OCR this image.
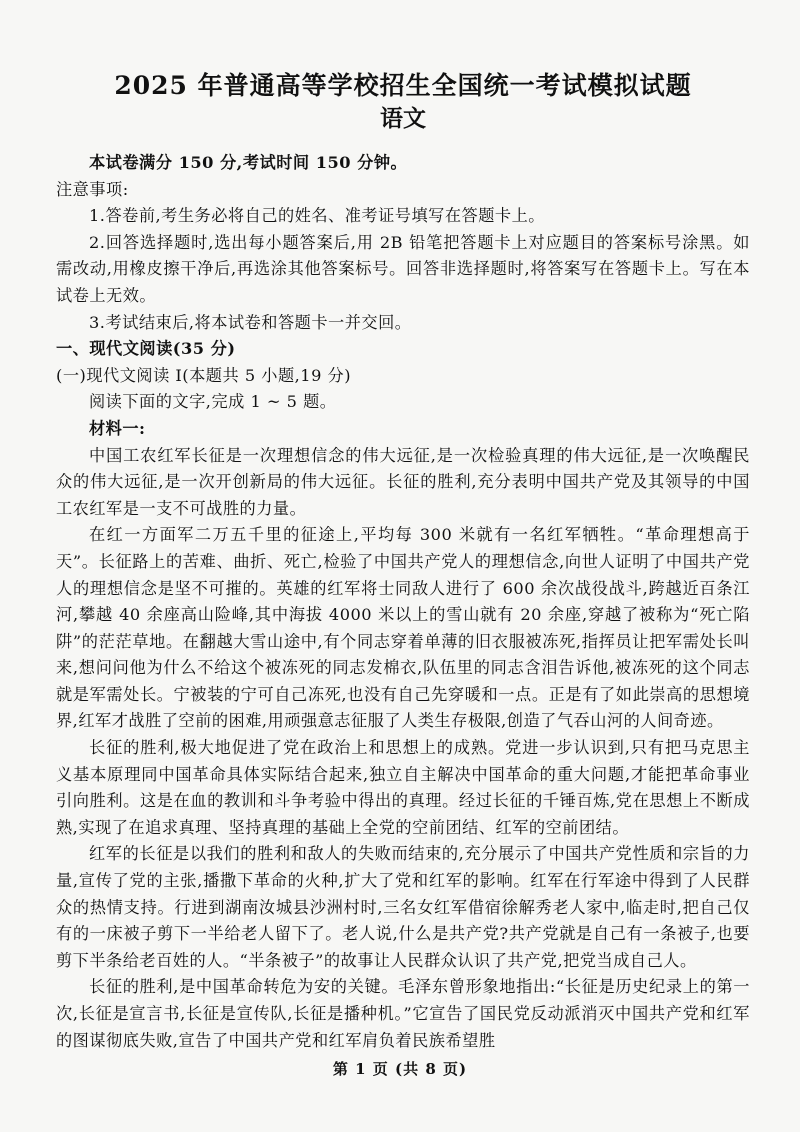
2025 年普通高等学校招生全国统一考试模拟试题
语文

本试卷满分 150 分,考试时间 150 分钟。

注意事项:

1.答卷前,考生务必将自己的姓名、准考证号填写在答题卡上。

2.回答选择题时,选出每小题答案后,用 2B 铅笔把答题卡上对应题目的答案标号涂黑。如需改动,用橡皮擦干净后,再选涂其他答案标号。回答非选择题时,将答案写在答题卡上。写在本试卷上无效。

3.考试结束后,将本试卷和答题卡一并交回。

一、现代文阅读(35 分)

(一)现代文阅读 I(本题共 5 小题,19 分)

阅读下面的文字,完成 1 ~ 5 题。

材料一:

中国工农红军长征是一次理想信念的伟大远征,是一次检验真理的伟大远征,是一次唤醒民众的伟大远征,是一次开创新局的伟大远征。长征的胜利,充分表明中国共产党及其领导的中国工农红军是一支不可战胜的力量。

在红一方面军二万五千里的征途上,平均每 300 米就有一名红军牺牲。“革命理想高于天”。长征路上的苦难、曲折、死亡,检验了中国共产党人的理想信念,向世人证明了中国共产党人的理想信念是坚不可摧的。英雄的红军将士同敌人进行了 600 余次战役战斗,跨越近百条江河,攀越 40 余座高山险峰,其中海拔 4000 米以上的雪山就有 20 余座,穿越了被称为“死亡陷阱”的茫茫草地。在翻越大雪山途中,有个同志穿着单薄的旧衣服被冻死,指挥员让把军需处长叫来,想问问他为什么不给这个被冻死的同志发棉衣,队伍里的同志含泪告诉他,被冻死的这个同志就是军需处长。宁被装的宁可自己冻死,也没有自己先穿暖和一点。正是有了如此崇高的思想境界,红军才战胜了空前的困难,用顽强意志征服了人类生存极限,创造了气吞山河的人间奇迹。

长征的胜利,极大地促进了党在政治上和思想上的成熟。党进一步认识到,只有把马克思主义基本原理同中国革命具体实际结合起来,独立自主解决中国革命的重大问题,才能把革命事业引向胜利。这是在血的教训和斗争考验中得出的真理。经过长征的千锤百炼,党在思想上不断成熟,实现了在追求真理、坚持真理的基础上全党的空前团结、红军的空前团结。

红军的长征是以我们的胜利和敌人的失败而结束的,充分展示了中国共产党性质和宗旨的力量,宣传了党的主张,播撒下革命的火种,扩大了党和红军的影响。红军在行军途中得到了人民群众的热情支持。行进到湖南汝城县沙洲村时,三名女红军借宿徐解秀老人家中,临走时,把自己仅有的一床被子剪下一半给老人留下了。老人说,什么是共产党?共产党就是自己有一条被子,也要剪下半条给老百姓的人。“半条被子”的故事让人民群众认识了共产党,把党当成自己人。

长征的胜利,是中国革命转危为安的关键。毛泽东曾形象地指出:“长征是历史纪录上的第一次,长征是宣言书,长征是宣传队,长征是播种机。”它宣告了国民党反动派消灭中国共产党和红军的图谋彻底失败,宣告了中国共产党和红军肩负着民族希望胜

第 1 页 (共 8 页)
